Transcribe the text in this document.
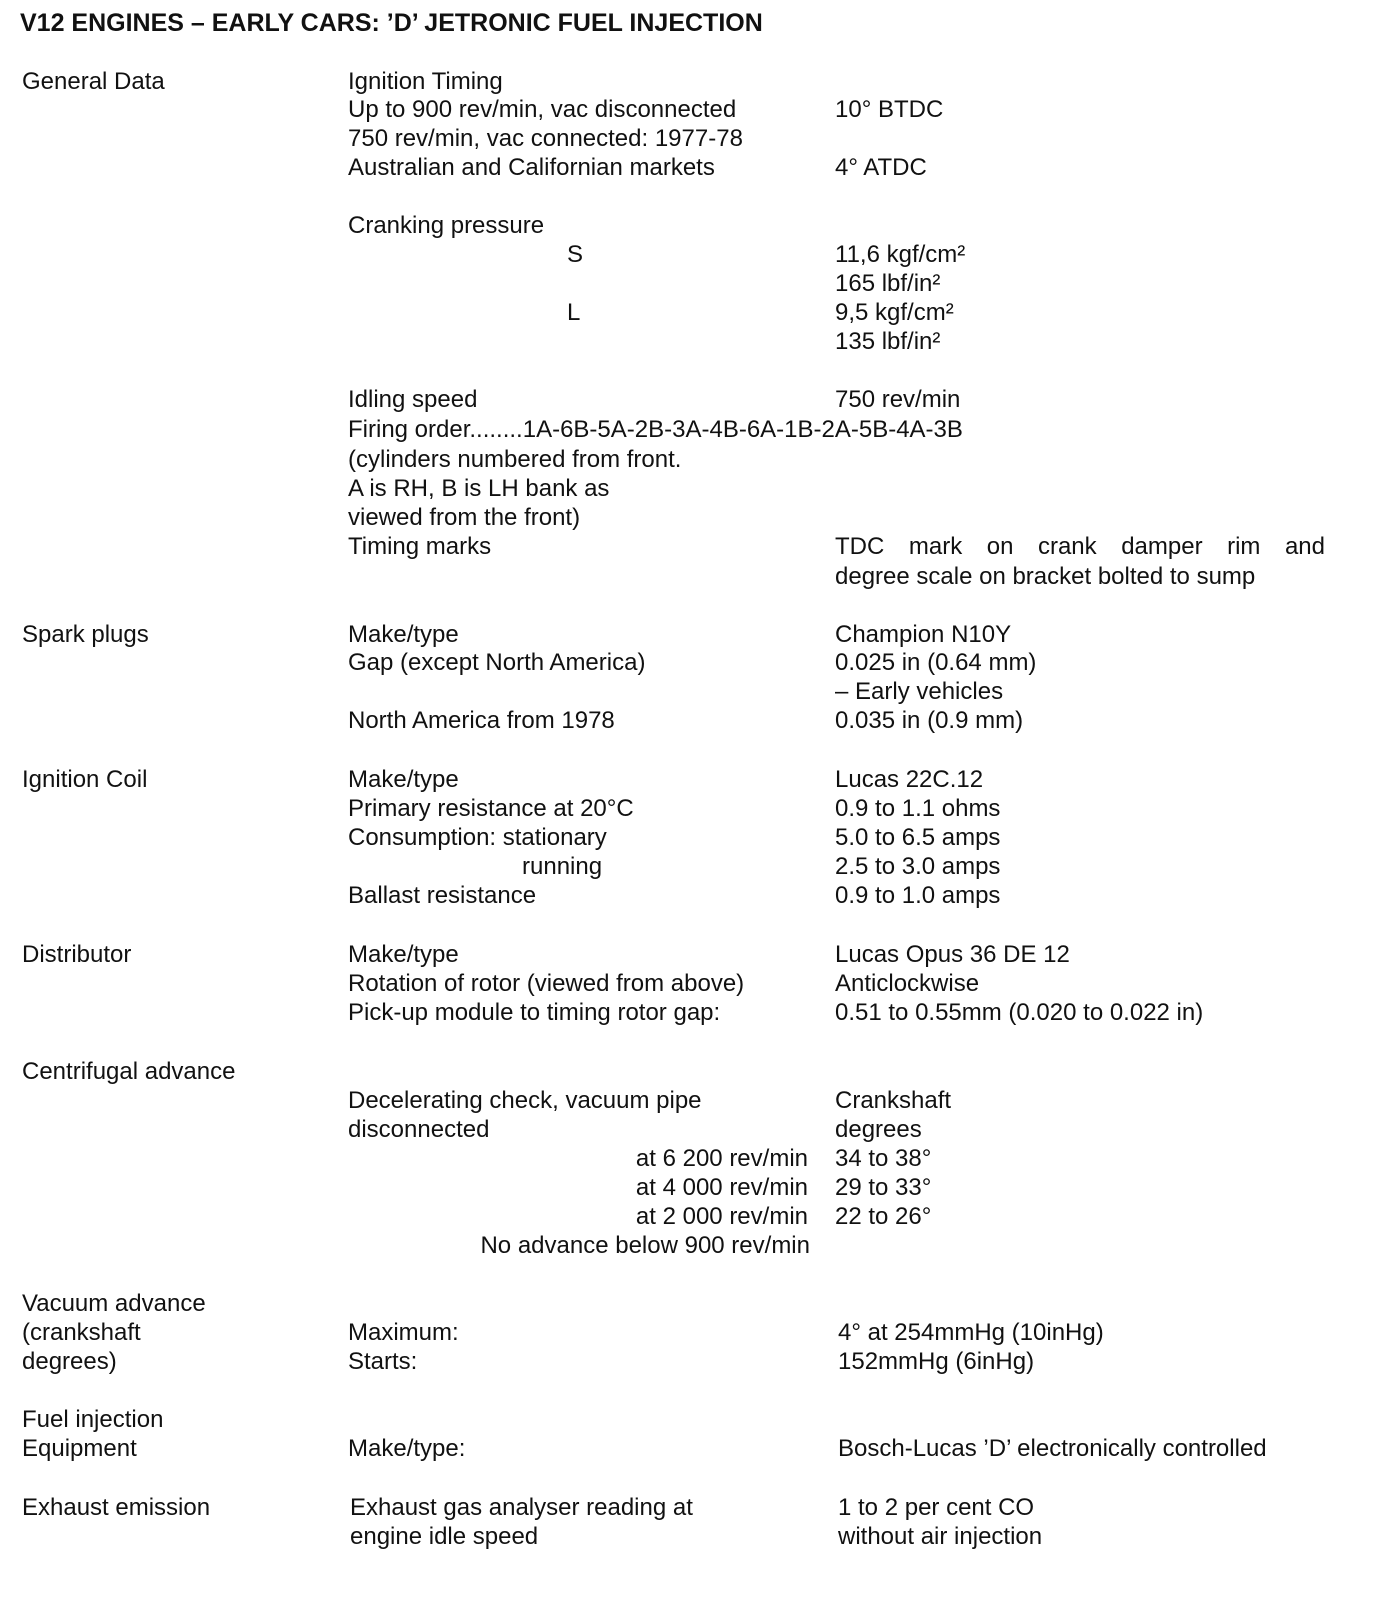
V12 ENGINES – EARLY CARS: ’D’ JETRONIC FUEL INJECTION
General Data	Ignition Timing
Up to 900 rev/min, vac disconnected	10° BTDC
750 rev/min, vac connected: 1977-78
Australian and Californian markets	4° ATDC
Cranking pressure
S	11,6 kgf/cm²
165 lbf/in²
L	9,5 kgf/cm²
135 lbf/in²
Idling speed	750 rev/min
Firing order........1A-6B-5A-2B-3A-4B-6A-1B-2A-5B-4A-3B
(cylinders numbered from front.
A is RH, B is LH bank as
viewed from the front)
Timing marks	TDC mark on crank damper rim and
degree scale on bracket bolted to sump
Spark plugs	Make/type	Champion N10Y
Gap (except North America)	0.025 in (0.64 mm)
– Early vehicles
North America from 1978	0.035 in (0.9 mm)
Ignition Coil	Make/type	Lucas 22C.12
Primary resistance at 20°C	0.9 to 1.1 ohms
Consumption: stationary	5.0 to 6.5 amps
running	2.5 to 3.0 amps
Ballast resistance	0.9 to 1.0 amps
Distributor	Make/type	Lucas Opus 36 DE 12
Rotation of rotor (viewed from above)	Anticlockwise
Pick-up module to timing rotor gap:	0.51 to 0.55mm (0.020 to 0.022 in)
Centrifugal advance
Decelerating check, vacuum pipe	Crankshaft
disconnected	degrees
at 6 200 rev/min 34 to 38°
at 4 000 rev/min 29 to 33°
at 2 000 rev/min 22 to 26°
No advance below 900 rev/min
Vacuum advance
(crankshaft
degrees)
Maximum:	4° at 254mmHg (10inHg)
Starts:	152mmHg (6inHg)
Fuel injection
Equipment	Make/type:	Bosch-Lucas ’D’ electronically controlled
Exhaust emission	Exhaust gas analyser reading at	1 to 2 per cent CO
engine idle speed	without air injection
